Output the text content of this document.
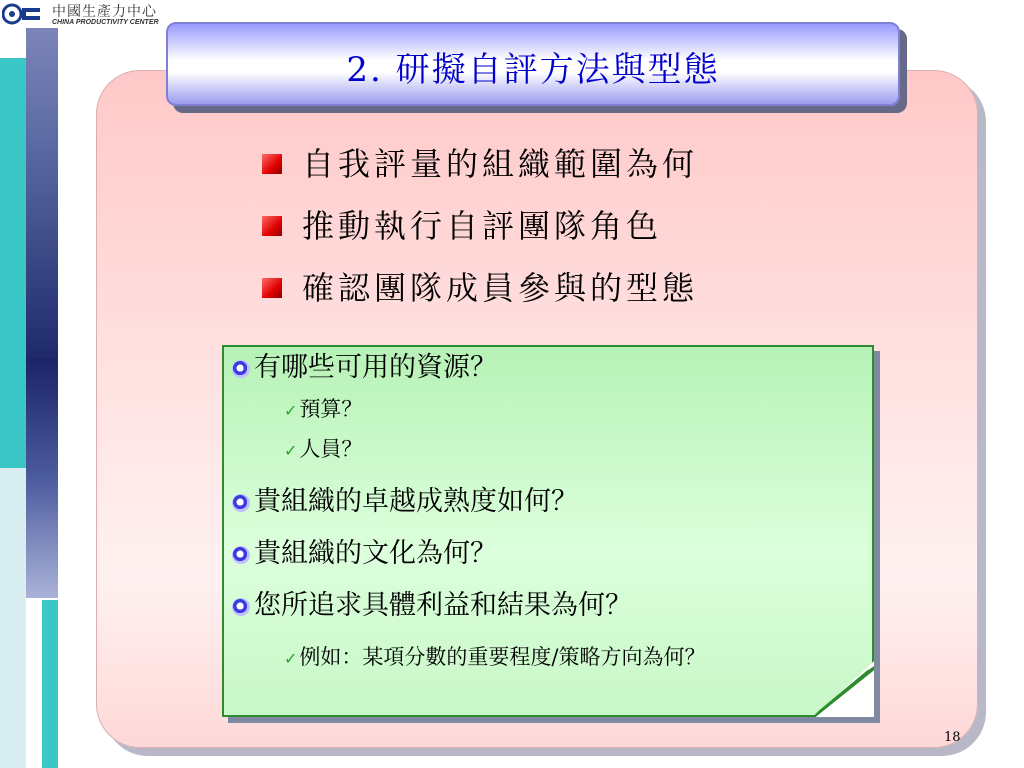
中國生產力中心
CHINA PRODUCTIVITY CENTER
2. 研擬自評方法與型態
自我評量的組織範圍為何
推動執行自評團隊角色
確認團隊成員參與的型態
有哪些可用的資源？
✓預算？
✓人員？
貴組織的卓越成熟度如何？
貴組織的文化為何？
您所追求具體利益和結果為何？
✓例如：某項分數的重要程度/策略方向為何？
18
